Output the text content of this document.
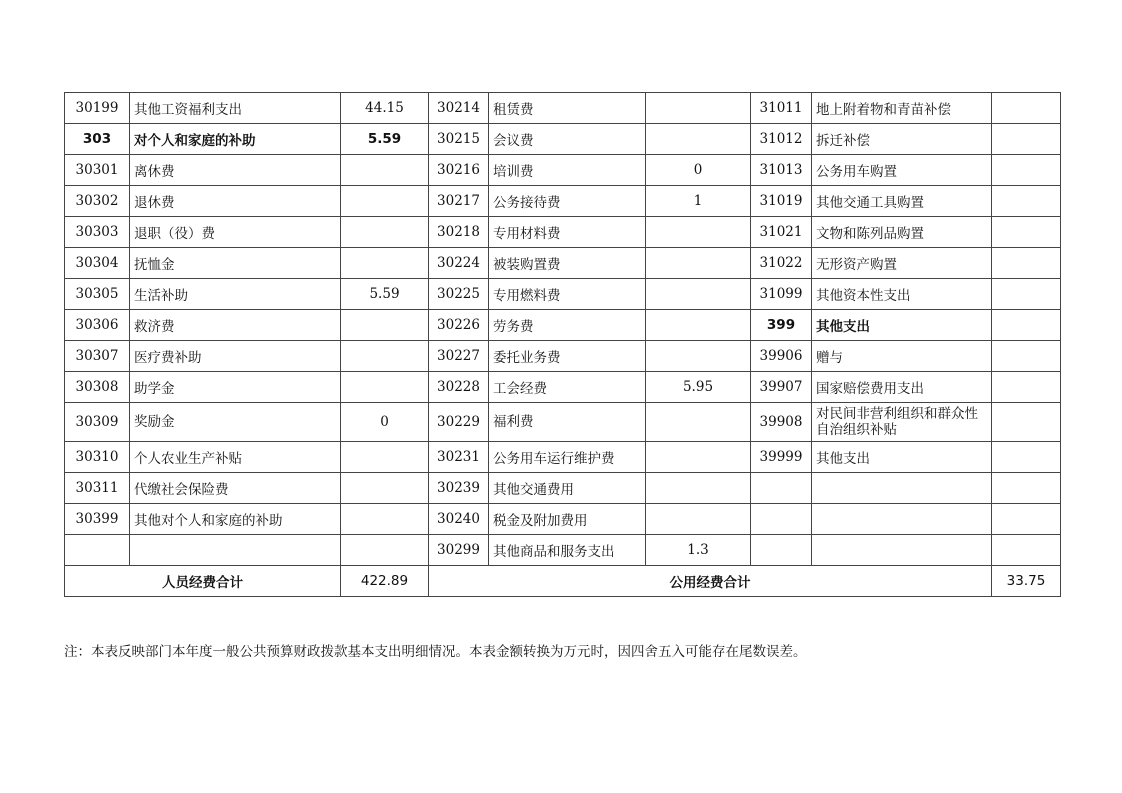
30199	其他工资福利支出	44.15	30214	租赁费		31011	地上附着物和青苗补偿	
303	对个人和家庭的补助	5.59	30215	会议费		31012	拆迁补偿	
30301	离休费		30216	培训费	0	31013	公务用车购置	
30302	退休费		30217	公务接待费	1	31019	其他交通工具购置	
30303	退职（役）费		30218	专用材料费		31021	文物和陈列品购置	
30304	抚恤金		30224	被装购置费		31022	无形资产购置	
30305	生活补助	5.59	30225	专用燃料费		31099	其他资本性支出	
30306	救济费		30226	劳务费		399	其他支出	
30307	医疗费补助		30227	委托业务费		39906	赠与	
30308	助学金		30228	工会经费	5.95	39907	国家赔偿费用支出	
30309	奖励金	0	30229	福利费		39908	对民间非营利组织和群众性自治组织补贴	
30310	个人农业生产补贴		30231	公务用车运行维护费		39999	其他支出	
30311	代缴社会保险费		30239	其他交通费用				
30399	其他对个人和家庭的补助		30240	税金及附加费用				
			30299	其他商品和服务支出	1.3			
人员经费合计		422.89	公用经费合计					33.75
注：本表反映部门本年度一般公共预算财政拨款基本支出明细情况。本表金额转换为万元时，因四舍五入可能存在尾数误差。
